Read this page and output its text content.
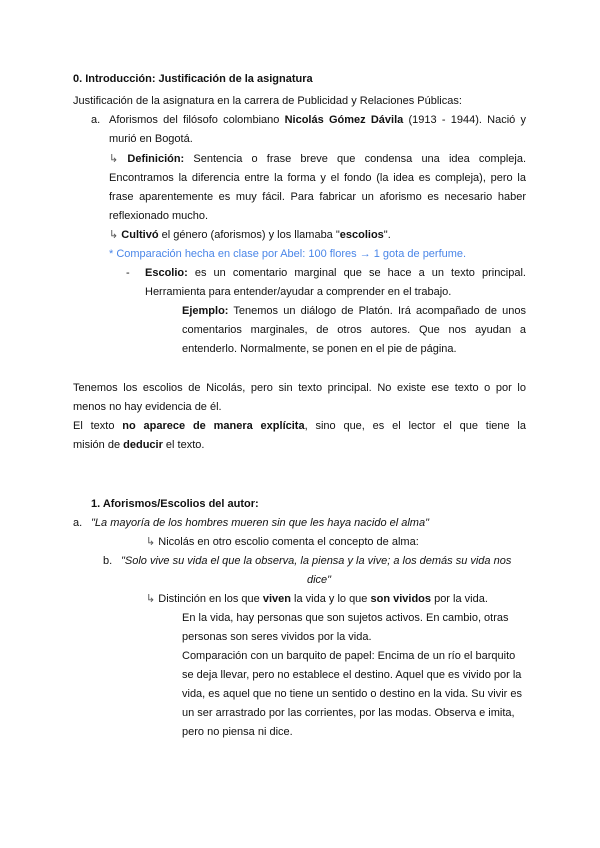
0. Introducción: Justificación de la asignatura
Justificación de la asignatura en la carrera de Publicidad y Relaciones Públicas:
a. Aforismos del filósofo colombiano Nicolás Gómez Dávila (1913 - 1944). Nació y
murió en Bogotá.
↳ Definición: Sentencia o frase breve que condensa una idea compleja.
Encontramos la diferencia entre la forma y el fondo (la idea es compleja), pero la
frase aparentemente es muy fácil. Para fabricar un aforismo es necesario haber
reflexionado mucho.
↳ Cultivó el género (aforismos) y los llamaba "escolios".
* Comparación hecha en clase por Abel: 100 flores → 1 gota de perfume.
- Escolio: es un comentario marginal que se hace a un texto principal.
Herramienta para entender/ayudar a comprender en el trabajo.
Ejemplo: Tenemos un diálogo de Platón. Irá acompañado de unos
comentarios marginales, de otros autores. Que nos ayudan a
entenderlo. Normalmente, se ponen en el pie de página.
Tenemos los escolios de Nicolás, pero sin texto principal. No existe ese texto o por lo
menos no hay evidencia de él.
El texto no aparece de manera explícita, sino que, es el lector el que tiene la
misión de deducir el texto.
1. Aforismos/Escolios del autor:
a. "La mayoría de los hombres mueren sin que les haya nacido el alma"
↳ Nicolás en otro escolio comenta el concepto de alma:
b. "Solo vive su vida el que la observa, la piensa y la vive; a los demás su vida nos
dice"
↳ Distinción en los que viven la vida y lo que son vividos por la vida.
En la vida, hay personas que son sujetos activos. En cambio, otras
personas son seres vividos por la vida.
Comparación con un barquito de papel: Encima de un río el barquito
se deja llevar, pero no establece el destino. Aquel que es vivido por la
vida, es aquel que no tiene un sentido o destino en la vida. Su vivir es
un ser arrastrado por las corrientes, por las modas. Observa e imita,
pero no piensa ni dice.
